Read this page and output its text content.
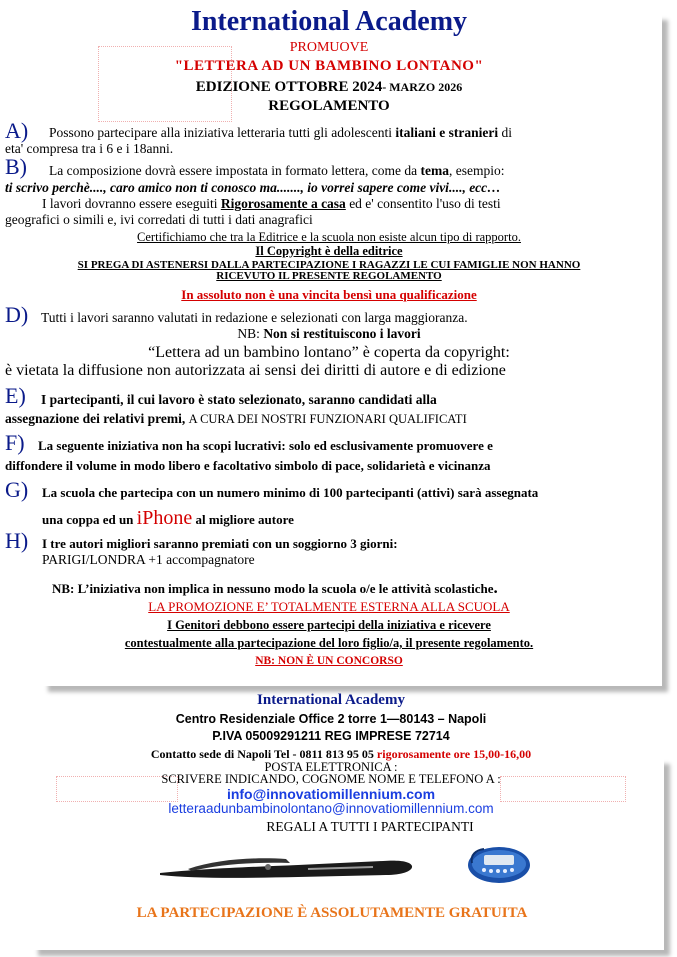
International Academy
PROMUOVE
"LETTERA AD UN BAMBINO LONTANO"
EDIZIONE OTTOBRE 2024- MARZO 2026
REGOLAMENTO
A) Possono partecipare alla iniziativa letteraria tutti gli adolescenti italiani e stranieri di
eta' compresa tra i 6 e i 18anni.
B) La composizione dovrà essere impostata in formato lettera, come da tema, esempio:
ti scrivo perchè...., caro amico non ti conosco ma......., io vorrei sapere come vivi...., ecc…
I lavori dovranno essere eseguiti Rigorosamente a casa ed e' consentito l'uso di testi
geografici o simili e, ivi corredati di tutti i dati anagrafici
Certifichiamo che tra la Editrice e la scuola non esiste alcun tipo di rapporto.
Il Copyright è della editrice
SI PREGA DI ASTENERSI DALLA PARTECIPAZIONE I RAGAZZI LE CUI FAMIGLIE NON HANNO
RICEVUTO IL PRESENTE REGOLAMENTO
In assoluto non è una vincita bensì una qualificazione
D) Tutti i lavori saranno valutati in redazione e selezionati con larga maggioranza.
NB: Non si restituiscono i lavori
“Lettera ad un bambino lontano” è coperta da copyright:
è vietata la diffusione non autorizzata ai sensi dei diritti di autore e di edizione
E) I partecipanti, il cui lavoro è stato selezionato, saranno candidati alla
assegnazione dei relativi premi, A CURA DEI NOSTRI FUNZIONARI QUALIFICATI
F) La seguente iniziativa non ha scopi lucrativi: solo ed esclusivamente promuovere e
diffondere il volume in modo libero e facoltativo simbolo di pace, solidarietà e vicinanza
G) La scuola che partecipa con un numero minimo di 100 partecipanti (attivi) sarà assegnata
una coppa ed un iPhone al migliore autore
H) I tre autori migliori saranno premiati con un soggiorno 3 giorni:
PARIGI/LONDRA +1 accompagnatore
NB: L’iniziativa non implica in nessuno modo la scuola o/e le attività scolastiche.
LA PROMOZIONE E’ TOTALMENTE ESTERNA ALLA SCUOLA
I Genitori debbono essere partecipi della iniziativa e ricevere
contestualmente alla partecipazione del loro figlio/a, il presente regolamento.
NB: NON È UN CONCORSO
International Academy
Centro Residenziale Office 2 torre 1—80143 – Napoli
P.IVA 05009291211 REG IMPRESE 72714
Contatto sede di Napoli Tel - 0811 813 95 05 rigorosamente ore 15,00-16,00
POSTA ELETTRONICA :
SCRIVERE INDICANDO, COGNOME NOME E TELEFONO A :
info@innovatiomillennium.com
letteraadunbambinolontano@innovatiomillennium.com
REGALI A TUTTI I PARTECIPANTI
LA PARTECIPAZIONE È ASSOLUTAMENTE GRATUITA
